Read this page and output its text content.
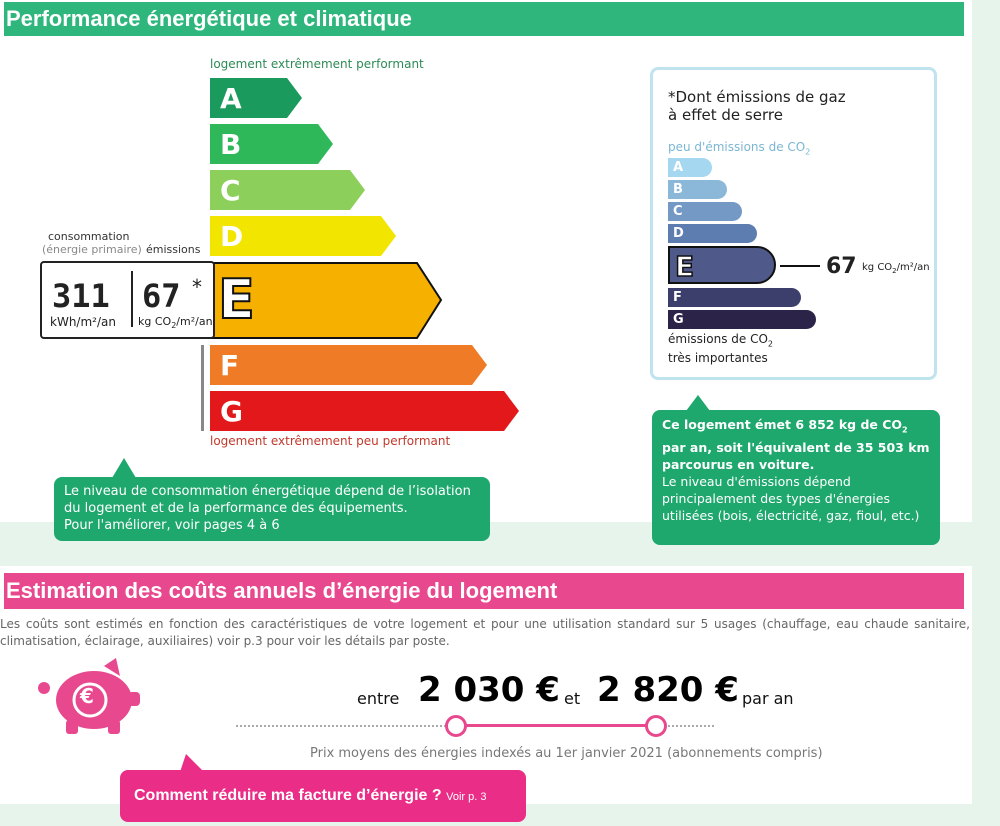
Performance énergétique et climatique
logement extrêmement performant
A
B
C
D
E
F
G
logement extrêmement peu performant
consommation
(énergie primaire) émissions
311
kWh/m²/an
67 *
kg $CO_2/m^2/an$
Le niveau de consommation énergétique dépend de l’isolation du logement et de la performance des équipements.
Pour l'améliorer, voir pages 4 à 6
*Dont émissions de gaz
à effet de serre
peu d'émissions de $CO_2$
A
B
C
D
E
F
G
67 kg $CO_2/m^2/an$
émissions de $CO_2$
très importantes
Ce logement émet 6 852 kg de $CO_2$ par an, soit l'équivalent de 35 503 km parcourus en voiture.
Le niveau d'émissions dépend principalement des types d'énergies utilisées (bois, électricité, gaz, fioul, etc.)
Estimation des coûts annuels d’énergie du logement
Les coûts sont estimés en fonction des caractéristiques de votre logement et pour une utilisation standard sur 5 usages (chauffage, eau chaude sanitaire, climatisation, éclairage, auxiliaires) voir p.3 pour voir les détails par poste.
€	entre 2 030 € et 2 820 € par an
Prix moyens des énergies indexés au 1er janvier 2021 (abonnements compris)
Comment réduire ma facture d’énergie ? Voir p. 3
